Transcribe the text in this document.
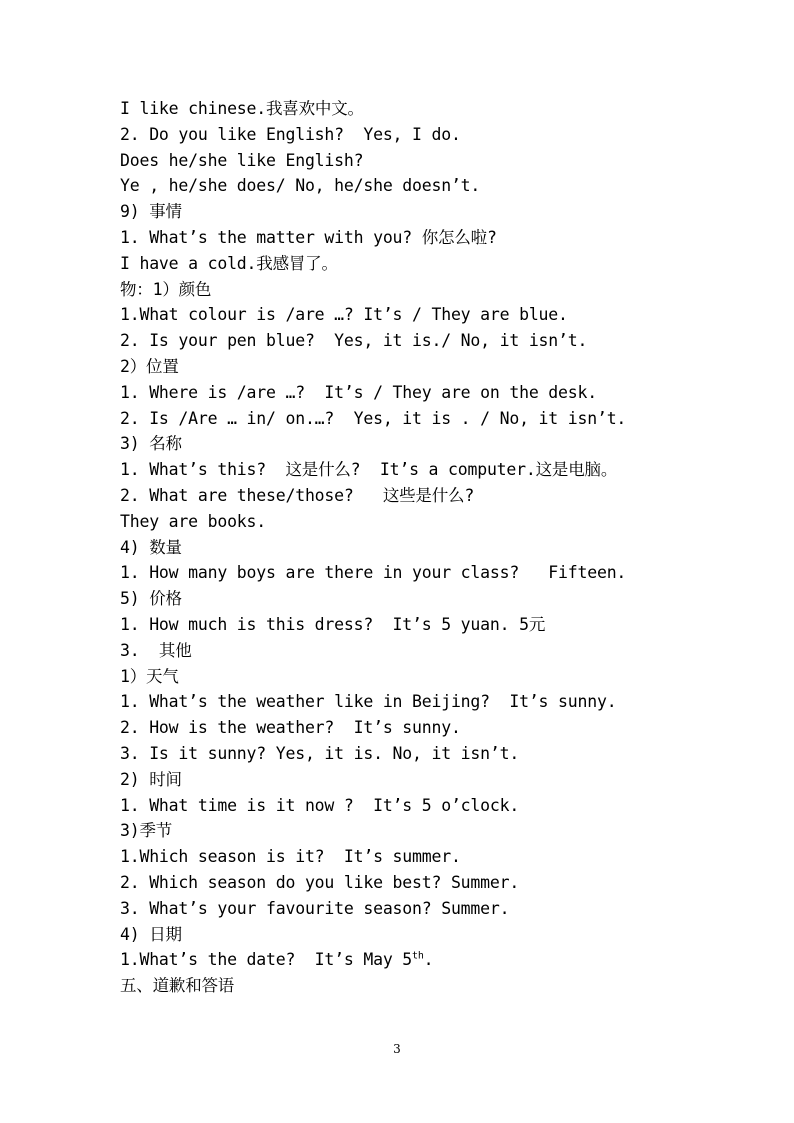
I like chinese.我喜欢中文。
2. Do you like English?  Yes, I do.
Does he/she like English?
Ye , he/she does/ No, he/she doesn’t.
9) 事情
1. What’s the matter with you? 你怎么啦?
I have a cold.我感冒了。
物：1）颜色
1.What colour is /are …? It’s / They are blue.
2. Is your pen blue?  Yes, it is./ No, it isn’t.
2）位置
1. Where is /are …?  It’s / They are on the desk.
2. Is /Are … in/ on.…?  Yes, it is . / No, it isn’t.
3) 名称
1. What’s this?  这是什么?  It’s a computer.这是电脑。
2. What are these/those?   这些是什么?
They are books.
4) 数量
1. How many boys are there in your class?   Fifteen.
5) 价格
1. How much is this dress?  It’s 5 yuan. 5元
3.  其他
1）天气
1. What’s the weather like in Beijing?  It’s sunny.
2. How is the weather?  It’s sunny.
3. Is it sunny? Yes, it is. No, it isn’t.
2) 时间
1. What time is it now ?  It’s 5 o’clock.
3)季节
1.Which season is it?  It’s summer.
2. Which season do you like best? Summer.
3. What’s your favourite season? Summer.
4) 日期
1.What’s the date?  It’s May 5th.
五、道歉和答语
3
